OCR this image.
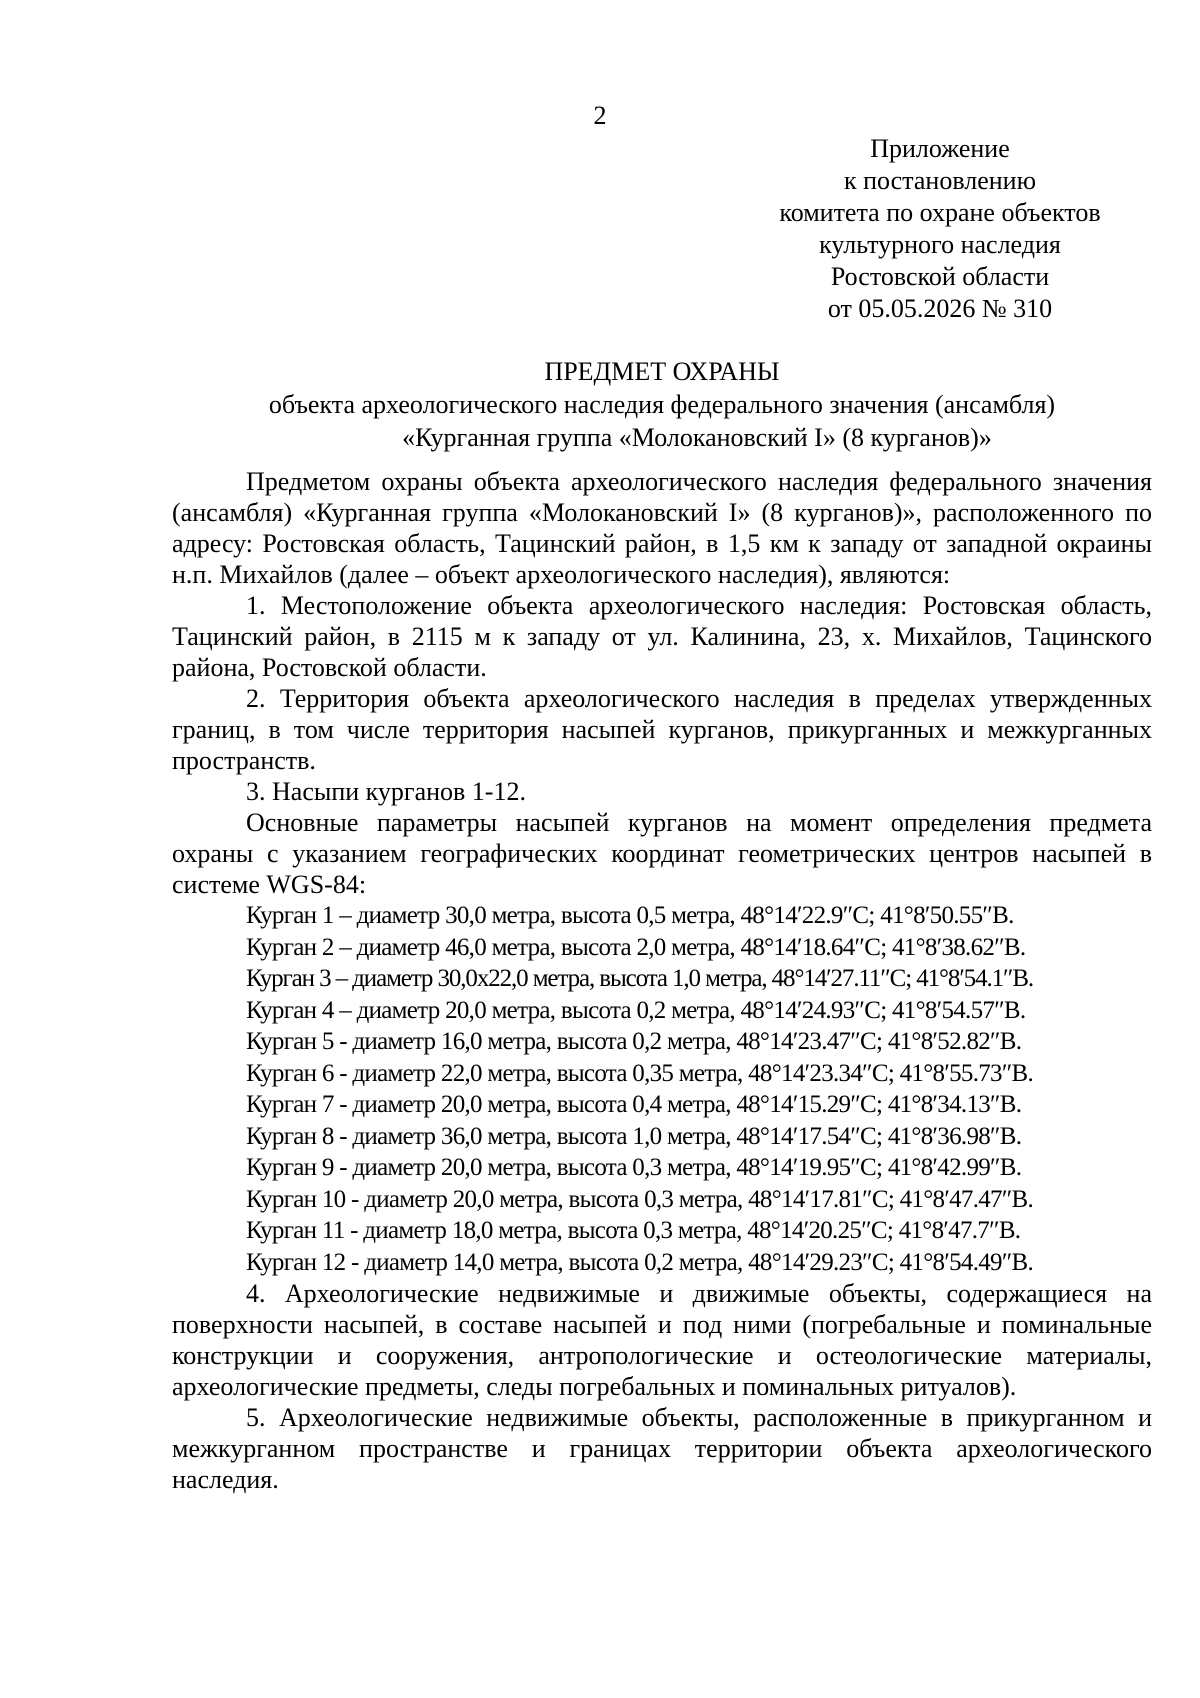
2
Приложение
к постановлению
комитета по охране объектов
культурного наследия
Ростовской области
от 05.05.2026 № 310
ПРЕДМЕТ ОХРАНЫ
объекта археологического наследия федерального значения (ансамбля)
«Курганная группа «Молокановский I» (8 курганов)»

Предметом охраны объекта археологического наследия федерального значения (ансамбля) «Курганная группа «Молокановский I» (8 курганов)», расположенного по адресу: Ростовская область, Тацинский район, в 1,5 км к западу от западной окраины н.п. Михайлов (далее – объект археологического наследия), являются:

1. Местоположение объекта археологического наследия: Ростовская область, Тацинский район, в 2115 м к западу от ул. Калинина, 23, х. Михайлов, Тацинского района, Ростовской области.

2. Территория объекта археологического наследия в пределах утвержденных границ, в том числе территория насыпей курганов, прикурганных и межкурганных пространств.

3. Насыпи курганов 1-12.

Основные параметры насыпей курганов на момент определения предмета охраны с указанием географических координат геометрических центров насыпей в системе WGS-84:

Курган 1 – диаметр 30,0 метра, высота 0,5 метра, 48°14′22.9″С; 41°8′50.55″В.
Курган 2 – диаметр 46,0 метра, высота 2,0 метра, 48°14′18.64″С; 41°8′38.62″В.
Курган 3 – диаметр 30,0х22,0 метра, высота 1,0 метра, 48°14′27.11″С; 41°8′54.1″В.
Курган 4 – диаметр 20,0 метра, высота 0,2 метра, 48°14′24.93″С; 41°8′54.57″В.
Курган 5 - диаметр 16,0 метра, высота 0,2 метра, 48°14′23.47″С; 41°8′52.82″В.
Курган 6 - диаметр 22,0 метра, высота 0,35 метра, 48°14′23.34″С; 41°8′55.73″В.
Курган 7 - диаметр 20,0 метра, высота 0,4 метра, 48°14′15.29″С; 41°8′34.13″В.
Курган 8 - диаметр 36,0 метра, высота 1,0 метра, 48°14′17.54″С; 41°8′36.98″В.
Курган 9 - диаметр 20,0 метра, высота 0,3 метра, 48°14′19.95″С; 41°8′42.99″В.
Курган 10 - диаметр 20,0 метра, высота 0,3 метра, 48°14′17.81″С; 41°8′47.47″В.
Курган 11 - диаметр 18,0 метра, высота 0,3 метра, 48°14′20.25″С; 41°8′47.7″В.
Курган 12 - диаметр 14,0 метра, высота 0,2 метра, 48°14′29.23″С; 41°8′54.49″В.

4. Археологические недвижимые и движимые объекты, содержащиеся на поверхности насыпей, в составе насыпей и под ними (погребальные и поминальные конструкции и сооружения, антропологические и остеологические материалы, археологические предметы, следы погребальных и поминальных ритуалов).

5. Археологические недвижимые объекты, расположенные в прикурганном и межкурганном пространстве и границах территории объекта археологического наследия.
